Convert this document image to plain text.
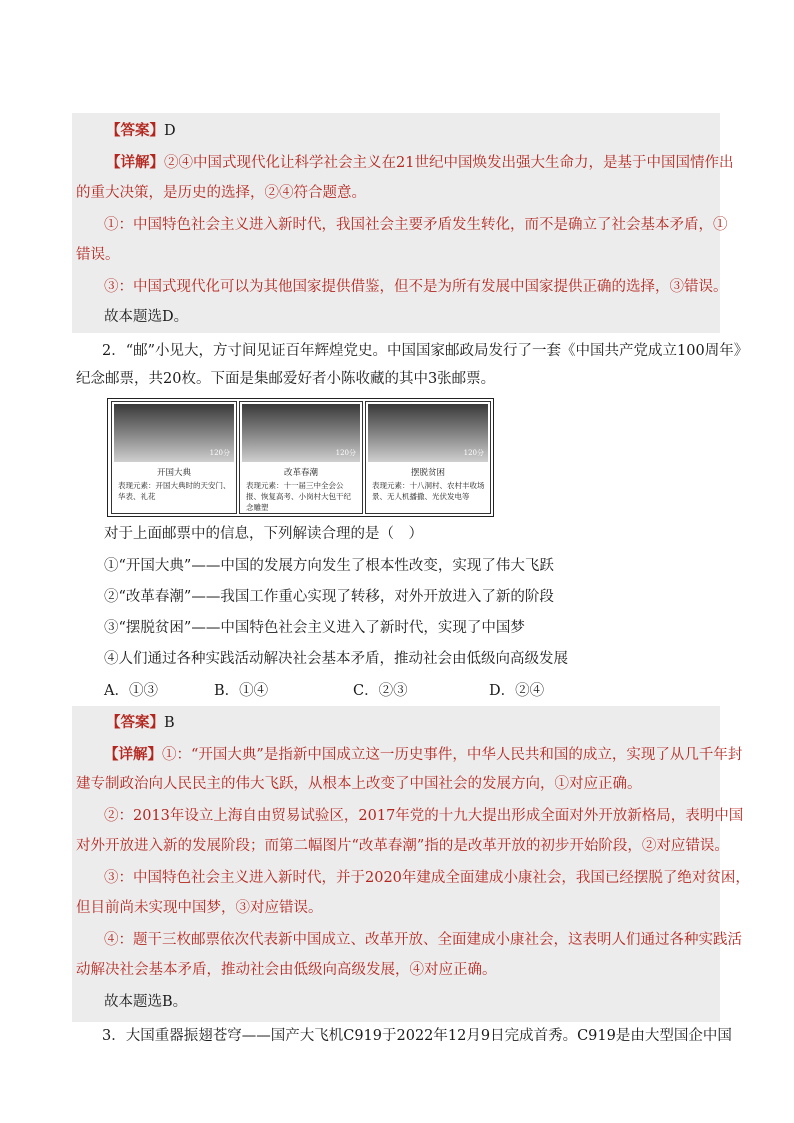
【答案】D
【详解】②④中国式现代化让科学社会主义在21世纪中国焕发出强大生命力，是基于中国国情作出
的重大决策，是历史的选择，②④符合题意。
①：中国特色社会主义进入新时代，我国社会主要矛盾发生转化，而不是确立了社会基本矛盾，①
错误。
③：中国式现代化可以为其他国家提供借鉴，但不是为所有发展中国家提供正确的选择，③错误。
故本题选D。
2．“邮”小见大，方寸间见证百年辉煌党史。中国国家邮政局发行了一套《中国共产党成立100周年》
纪念邮票，共20枚。下面是集邮爱好者小陈收藏的其中3张邮票。
120分
开国大典
表现元素：开国大典时的天安门、华表、礼花
120分
改革春潮
表现元素：十一届三中全会公报、恢复高考、小岗村大包干纪念雕塑
120分
摆脱贫困
表现元素：十八洞村、农村丰收场景、无人机播撒、光伏发电等
对于上面邮票中的信息，下列解读合理的是（　）
①“开国大典”——中国的发展方向发生了根本性改变，实现了伟大飞跃
②“改革春潮”——我国工作重心实现了转移，对外开放进入了新的阶段
③“摆脱贫困”——中国特色社会主义进入了新时代，实现了中国梦
④人们通过各种实践活动解决社会基本矛盾，推动社会由低级向高级发展
A．①③	B．①④	C．②③	D．②④
【答案】B
【详解】①：“开国大典”是指新中国成立这一历史事件，中华人民共和国的成立，实现了从几千年封
建专制政治向人民民主的伟大飞跃，从根本上改变了中国社会的发展方向，①对应正确。
②：2013年设立上海自由贸易试验区，2017年党的十九大提出形成全面对外开放新格局，表明中国
对外开放进入新的发展阶段；而第二幅图片“改革春潮”指的是改革开放的初步开始阶段，②对应错误。
③：中国特色社会主义进入新时代，并于2020年建成全面建成小康社会，我国已经摆脱了绝对贫困，
但目前尚未实现中国梦，③对应错误。
④：题干三枚邮票依次代表新中国成立、改革开放、全面建成小康社会，这表明人们通过各种实践活
动解决社会基本矛盾，推动社会由低级向高级发展，④对应正确。
故本题选B。
3．大国重器振翅苍穹——国产大飞机C919于2022年12月9日完成首秀。C919是由大型国企中国
